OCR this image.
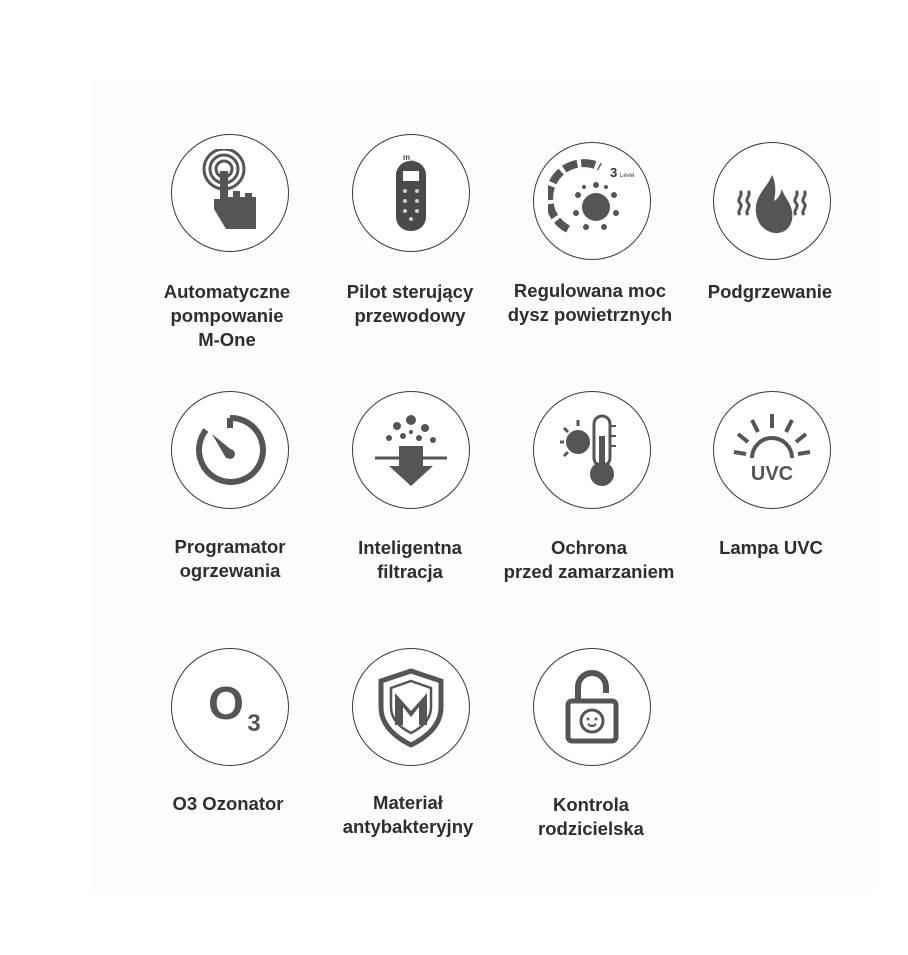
Automatyczne
pompowanie
M-One
m_
Pilot sterujący
przewodowy
3 Level
Regulowana moc
dysz powietrznych
Podgrzewanie
Programator
ogrzewania
Inteligentna
filtracja
Ochrona
przed zamarzaniem
UVC
Lampa UVC
O 3
O3 Ozonator	Materiał
antybakteryjny
Kontrola
rodzicielska
